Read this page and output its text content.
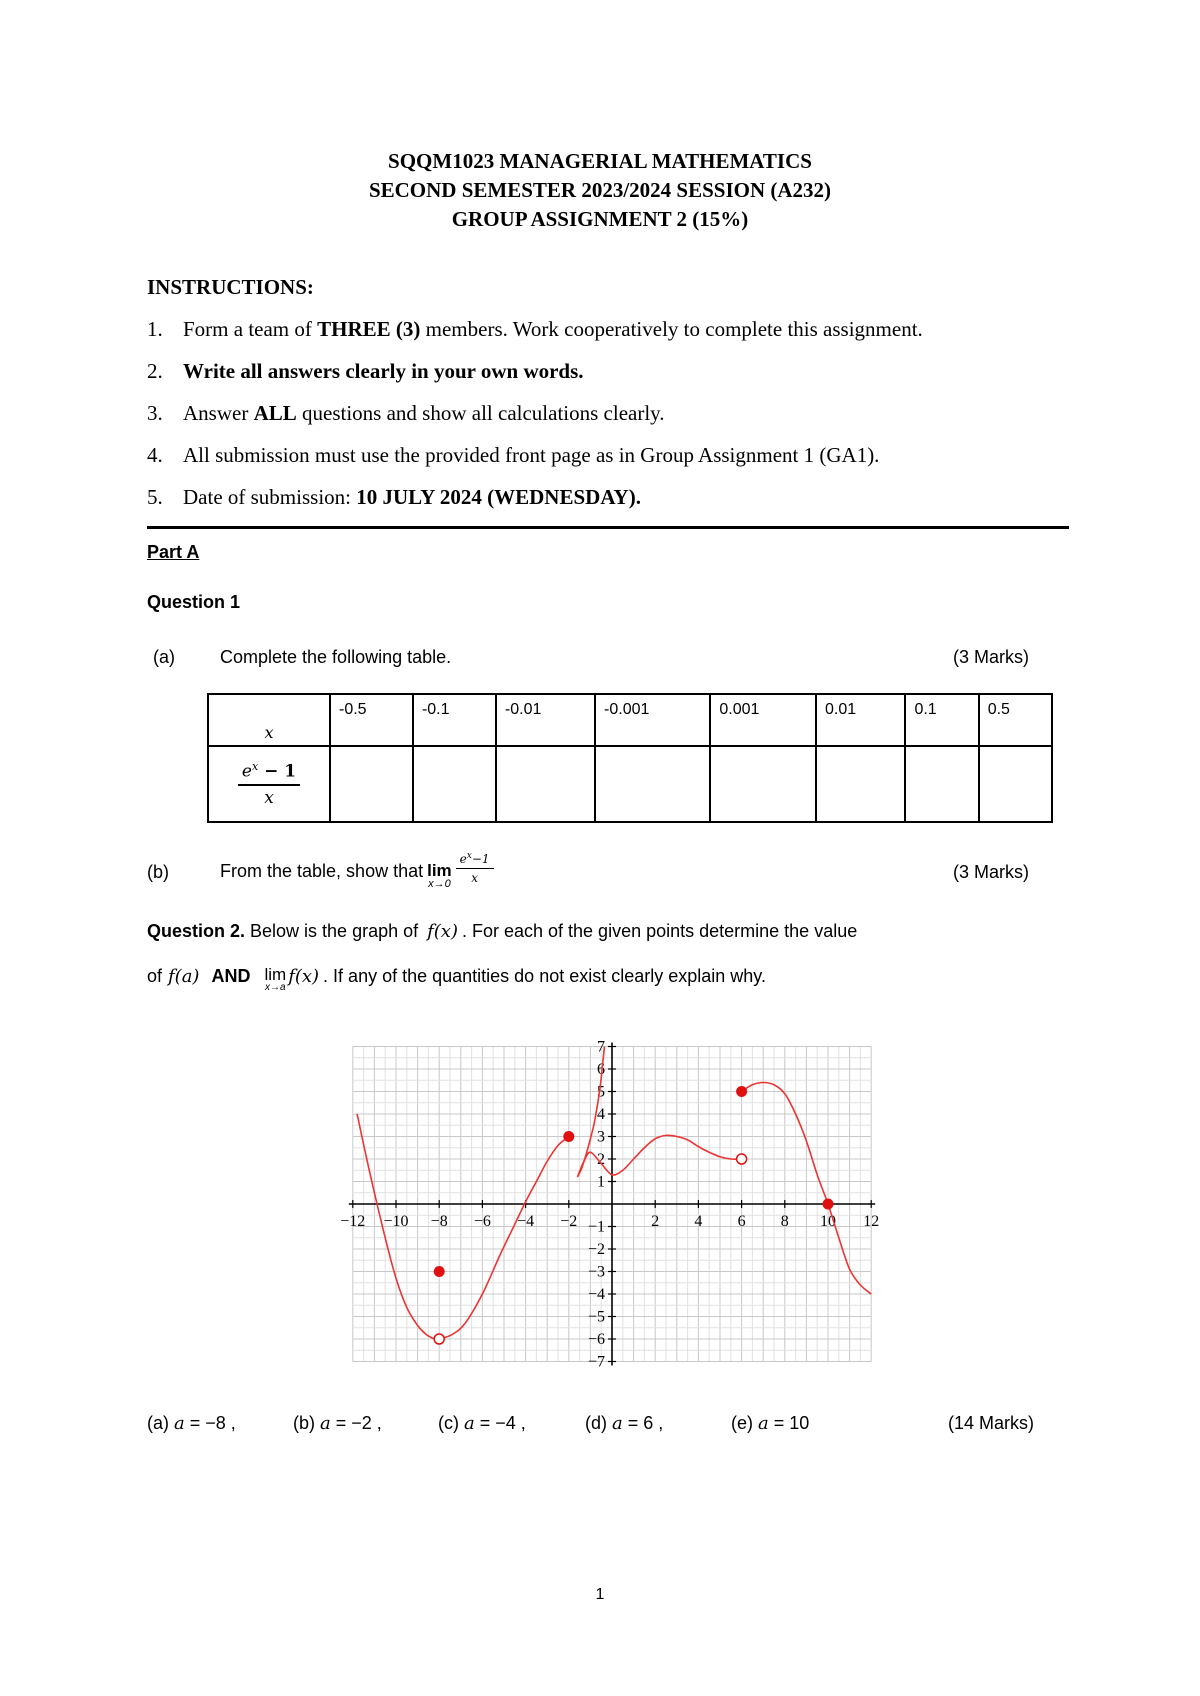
SQQM1023 MANAGERIAL MATHEMATICS
SECOND SEMESTER 2023/2024 SESSION (A232)
GROUP ASSIGNMENT 2 (15%)
INSTRUCTIONS:
1. Form a team of THREE (3) members. Work cooperatively to complete this assignment.
2. Write all answers clearly in your own words.
3. Answer ALL questions and show all calculations clearly.
4. All submission must use the provided front page as in Group Assignment 1 (GA1).
5. Date of submission: 10 JULY 2024 (WEDNESDAY).
Part A
Question 1
(a)	Complete the following table.	(3 Marks)
x	-0.5	-0.1	-0.01	-0.001	0.001	0.01	0.1	0.5

$\frac{e^x - 1}{x}$

(b)	From the table, show that lim
$x\to 0 \frac{e^x-1}{x}$	(3 Marks)
Question 2. Below is the graph of f(x) . For each of the given points determine the value
of f(a) AND lim
x→a
f(x) . If any of the quantities do not exist clearly explain why.
−12 −10 −8 −6 −4 −2	2 4 6 8 10 12
−7
−6
−5
−4
−3
−2
−1
1
2
3
4
5
6
7
(a) a = −8 ,	(b) a = −2 ,	(c) a = −4 ,	(d) a = 6 ,	(e) a = 10	(14 Marks)
1
